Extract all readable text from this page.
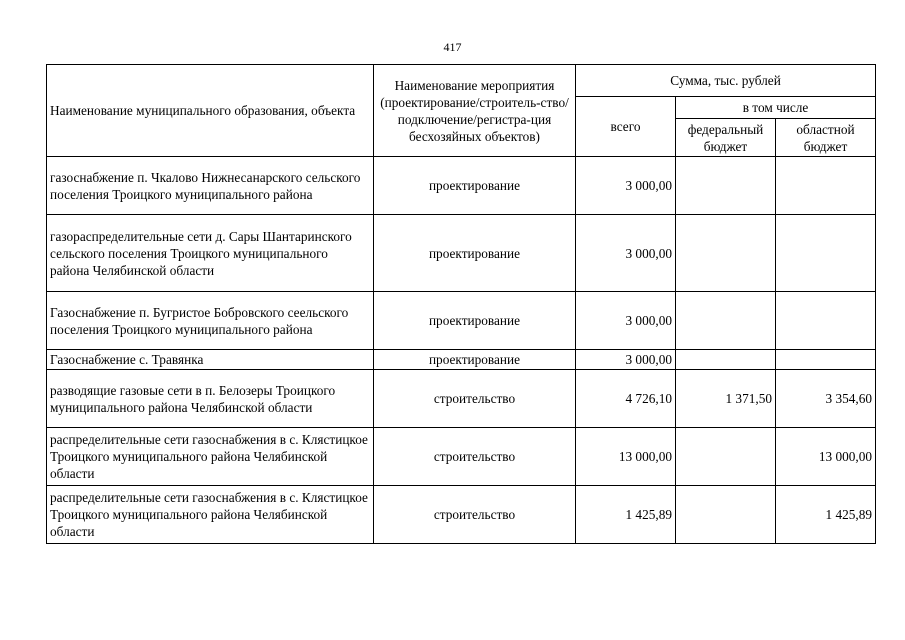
417
Наименование муниципального образования, объекта	Наименование мероприятия (проектирование/строитель-ство/подключение/регистра-ция бесхозяйных объектов)	Сумма, тыс. рублей		
		всего	в том числе	
			федеральный бюджет	областной бюджет
газоснабжение п. Чкалово Нижнесанарского сельского поселения Троицкого муниципального района	проектирование	3 000,00		
газораспределительные сети д. Сары Шантаринского сельского поселения Троицкого муниципального района Челябинской области	проектирование	3 000,00		
Газоснабжение п. Бугристое Бобровского сеельского поселения Троицкого муниципального района	проектирование	3 000,00		
Газоснабжение с. Травянка	проектирование	3 000,00		
разводящие газовые сети в п. Белозеры Троицкого муниципального района Челябинской области	строительство	4 726,10	1 371,50	3 354,60
распределительные сети газоснабжения в с. Клястицкое Троицкого муниципального района Челябинской области	строительство	13 000,00		13 000,00
распределительные сети газоснабжения в с. Клястицкое Троицкого муниципального района Челябинской области	строительство	1 425,89		1 425,89
